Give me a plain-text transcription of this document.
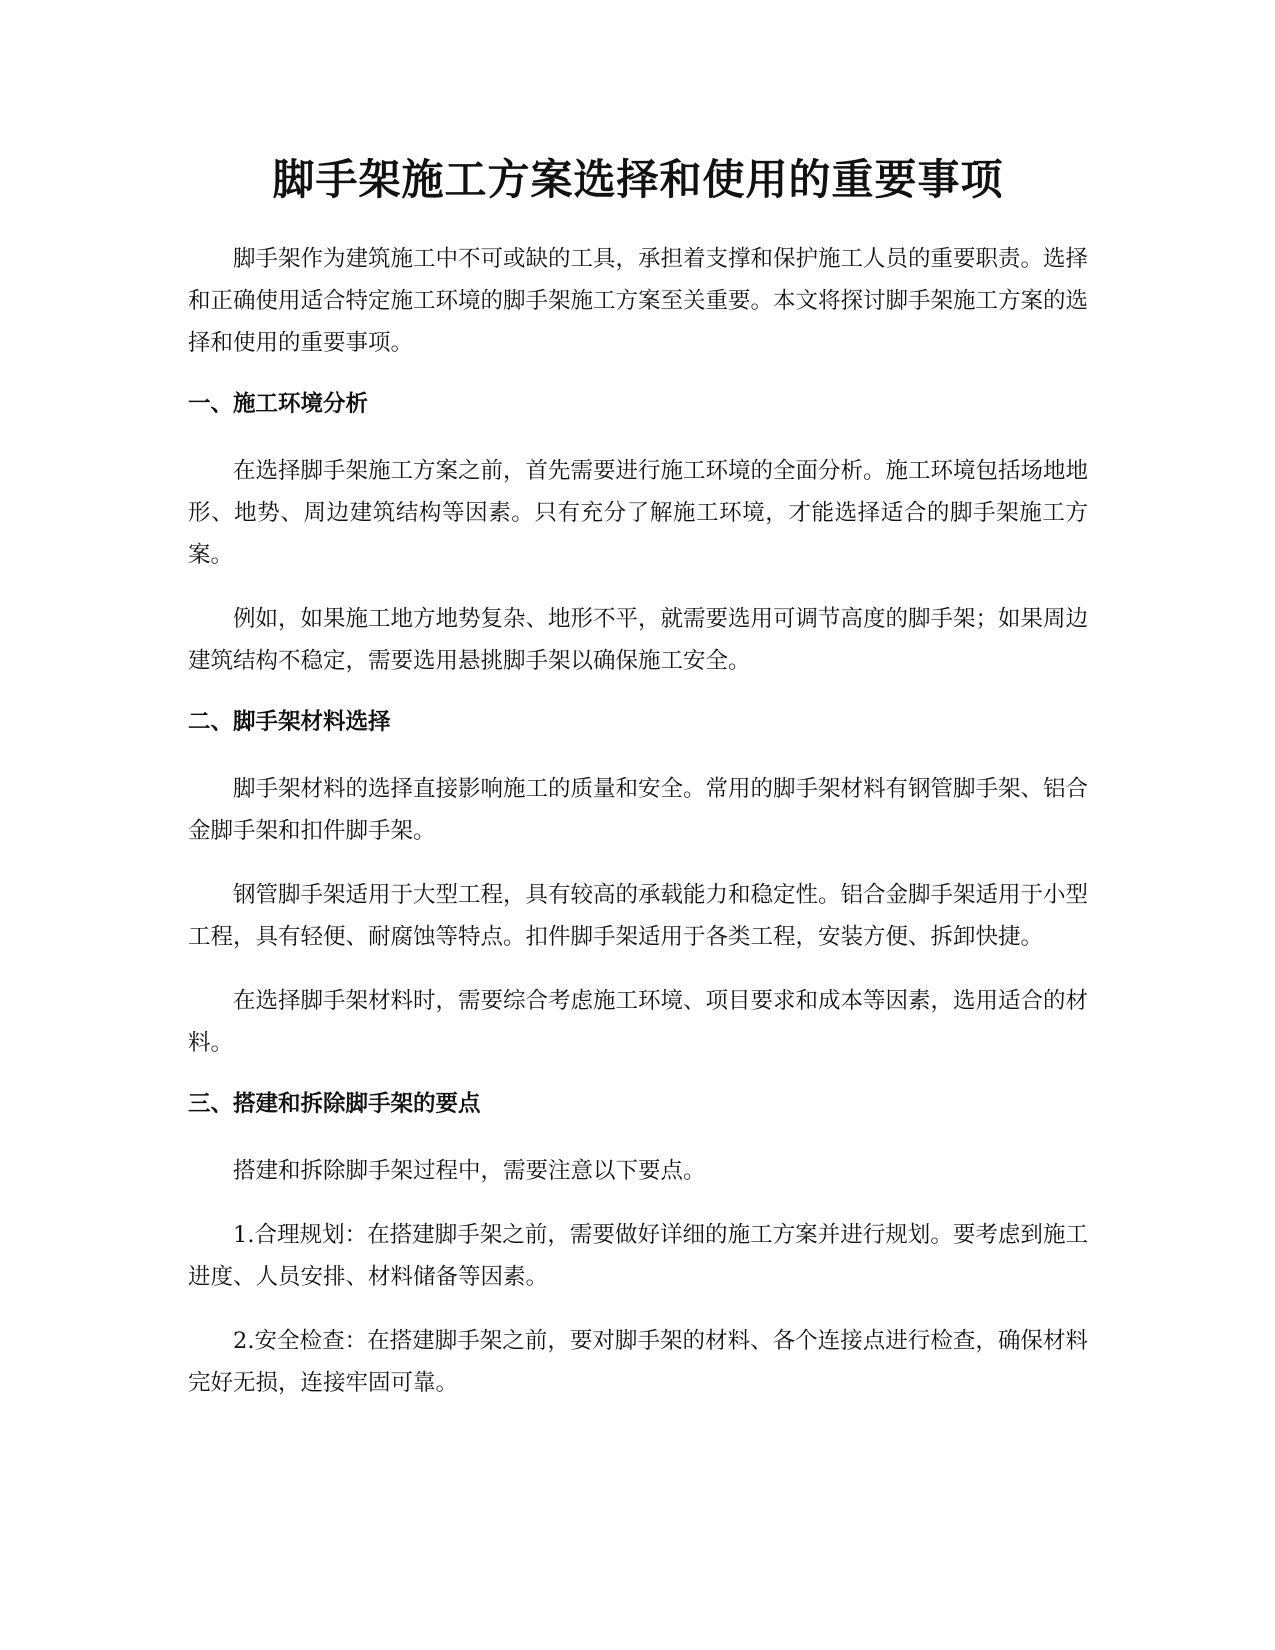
脚手架施工方案选择和使用的重要事项

脚手架作为建筑施工中不可或缺的工具，承担着支撑和保护施工人员的重要职责。选择和正确使用适合特定施工环境的脚手架施工方案至关重要。本文将探讨脚手架施工方案的选择和使用的重要事项。

一、施工环境分析

在选择脚手架施工方案之前，首先需要进行施工环境的全面分析。施工环境包括场地地形、地势、周边建筑结构等因素。只有充分了解施工环境，才能选择适合的脚手架施工方案。

例如，如果施工地方地势复杂、地形不平，就需要选用可调节高度的脚手架；如果周边建筑结构不稳定，需要选用悬挑脚手架以确保施工安全。

二、脚手架材料选择

脚手架材料的选择直接影响施工的质量和安全。常用的脚手架材料有钢管脚手架、铝合金脚手架和扣件脚手架。

钢管脚手架适用于大型工程，具有较高的承载能力和稳定性。铝合金脚手架适用于小型工程，具有轻便、耐腐蚀等特点。扣件脚手架适用于各类工程，安装方便、拆卸快捷。

在选择脚手架材料时，需要综合考虑施工环境、项目要求和成本等因素，选用适合的材料。

三、搭建和拆除脚手架的要点

搭建和拆除脚手架过程中，需要注意以下要点。

1.合理规划：在搭建脚手架之前，需要做好详细的施工方案并进行规划。要考虑到施工进度、人员安排、材料储备等因素。

2.安全检查：在搭建脚手架之前，要对脚手架的材料、各个连接点进行检查，确保材料完好无损，连接牢固可靠。
